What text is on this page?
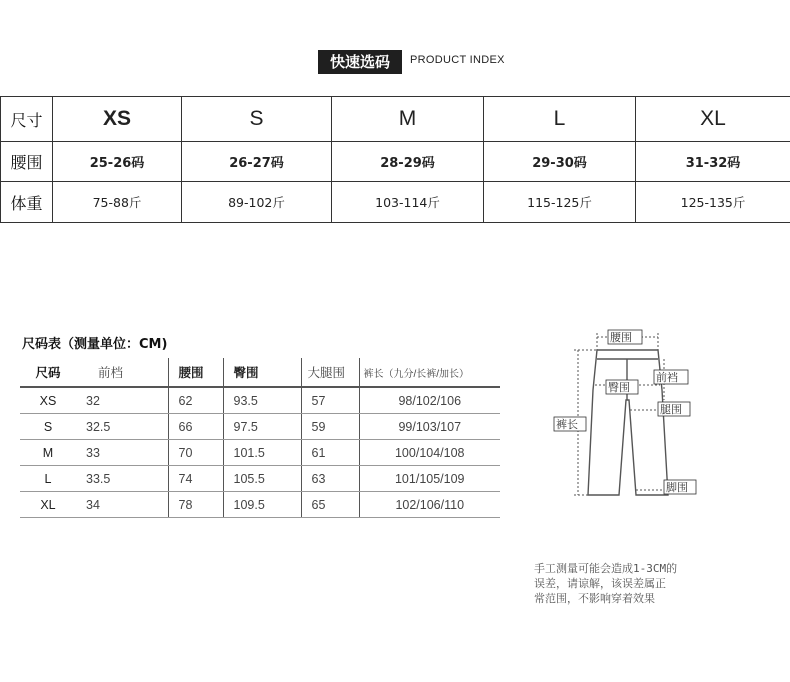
快速选码	PRODUCT INDEX
尺寸	XS	S	M	L	XL
腰围	25-26码	26-27码	28-29码	29-30码	31-32码
体重	75-88斤	89-102斤	103-114斤	115-125斤	125-135斤
尺码表（测量单位：CM)
尺码	前档	腰围	臀围	大腿围	裤长（九分/长裤/加长）
XS	32	62	93.5	57	98/102/106
S	32.5	66	97.5	59	99/103/107
M	33	70	101.5	61	100/104/108
L	33.5	74	105.5	63	101/105/109
XL	34	78	109.5	65	102/106/110
腰围
前裆
臀围
腿围
裤长
脚围
手工测量可能会造成1-3CM的
误差，请谅解，该误差属正
常范围，不影响穿着效果
